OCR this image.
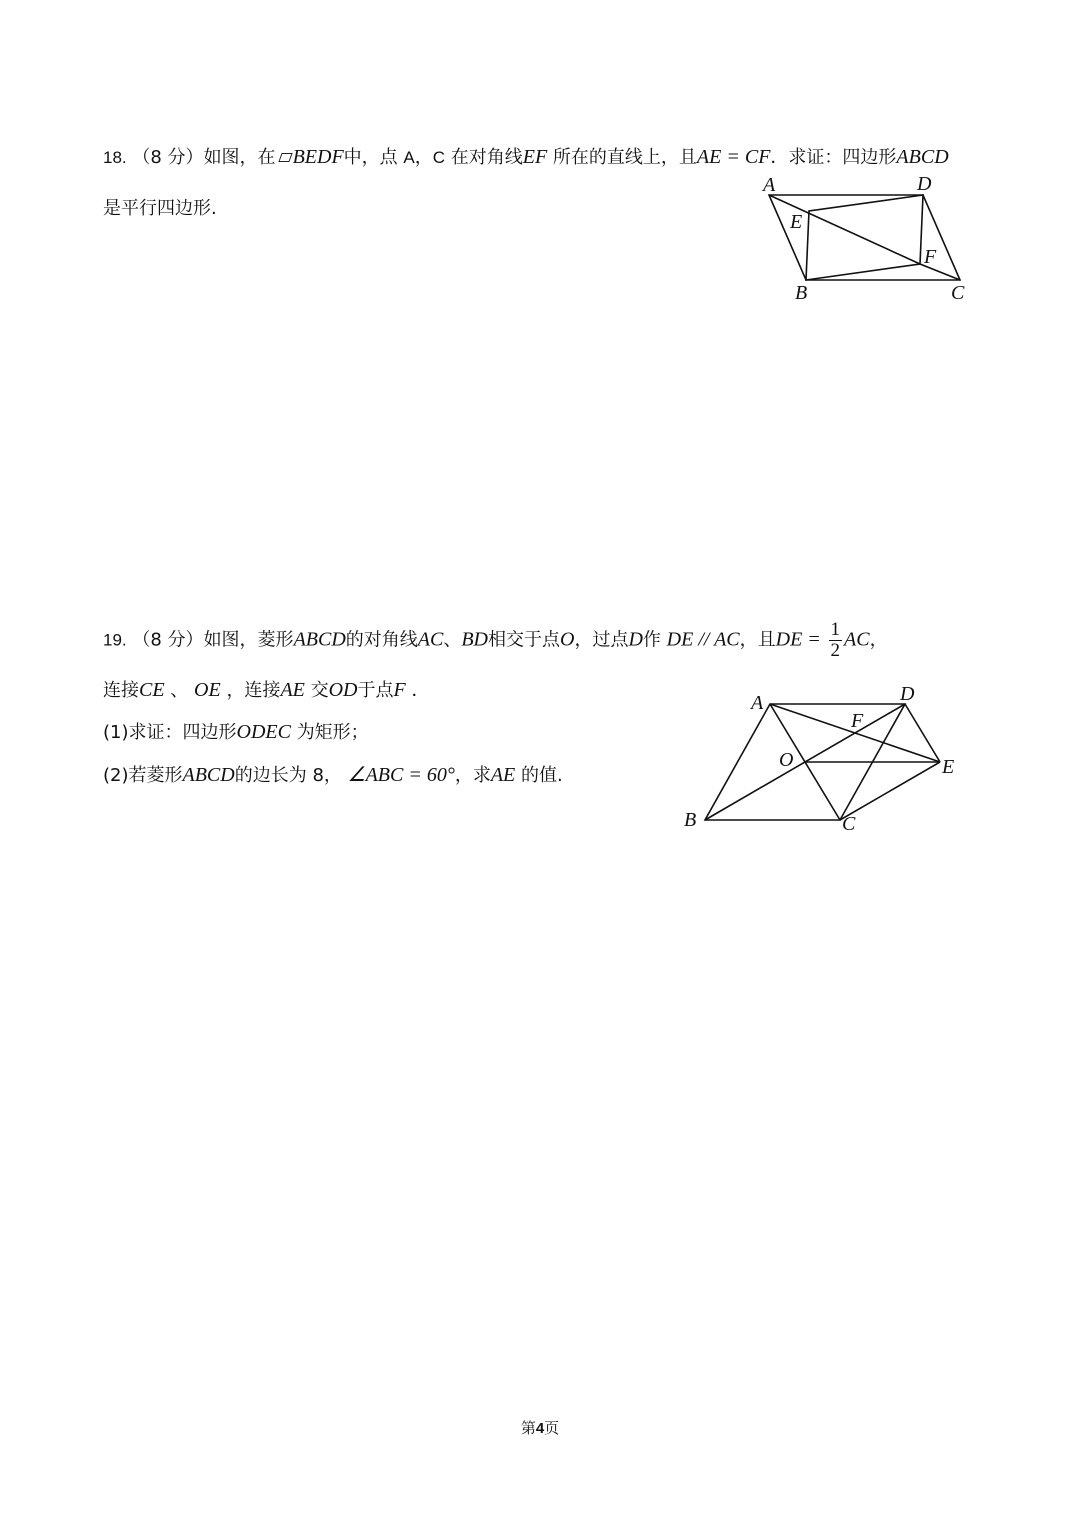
18. （8 分）如图，在 BEDF中，点 A，C 在对角线EF 所在的直线上，且AE = CF．求证：四边形ABCD
是平行四边形.
A	D
E
F
B	C
19. （8 分）如图，菱形ABCD的对角线AC、BD相交于点O，过点D作 DE // AC，且DE = $\frac{1}{2}$ AC，
连接CE 、 OE ，连接AE 交OD于点F ．
(1)求证：四边形ODEC 为矩形；
(2)若菱形ABCD的边长为 8， ∠ABC = 60°，求AE 的值.
A	D
F
O	E
B	C
第4页
